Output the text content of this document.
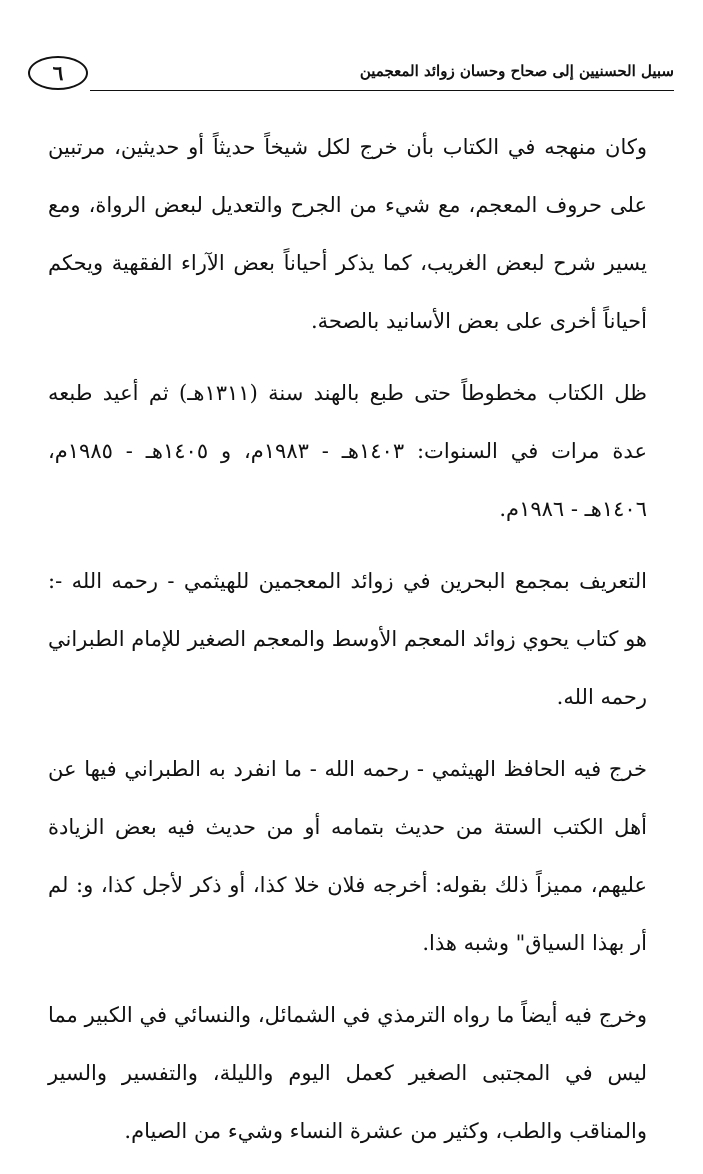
٦	سبيل الحسنيين إلى صحاح وحسان زوائد المعجمين

وكان منهجه في الكتاب بأن خرج لكل شيخاً حديثاً أو حديثين، مرتبين على حروف المعجم، مع شيء من الجرح والتعديل لبعض الرواة، ومع يسير شرح لبعض الغريب، كما يذكر أحياناً بعض الآراء الفقهية ويحكم أحياناً أخرى على بعض الأسانيد بالصحة.

ظل الكتاب مخطوطاً حتى طبع بالهند سنة (١٣١١هـ) ثم أعيد طبعه عدة مرات في السنوات: ١٤٠٣هـ - ١٩٨٣م، و ١٤٠٥هـ - ١٩٨٥م، ١٤٠٦هـ - ١٩٨٦م.

التعريف بمجمع البحرين في زوائد المعجمين للهيثمي - رحمه الله -: هو كتاب يحوي زوائد المعجم الأوسط والمعجم الصغير للإمام الطبراني رحمه الله.

خرج فيه الحافظ الهيثمي - رحمه الله - ما انفرد به الطبراني فيها عن أهل الكتب الستة من حديث بتمامه أو من حديث فيه بعض الزيادة عليهم، مميزاً ذلك بقوله: أخرجه فلان خلا كذا، أو ذكر لأجل كذا، و: لم أر بهذا السياق" وشبه هذا.

وخرج فيه أيضاً ما رواه الترمذي في الشمائل، والنسائي في الكبير مما ليس في المجتبى الصغير كعمل اليوم والليلة، والتفسير والسير والمناقب والطب، وكثير من عشرة النساء وشيء من الصيام.
